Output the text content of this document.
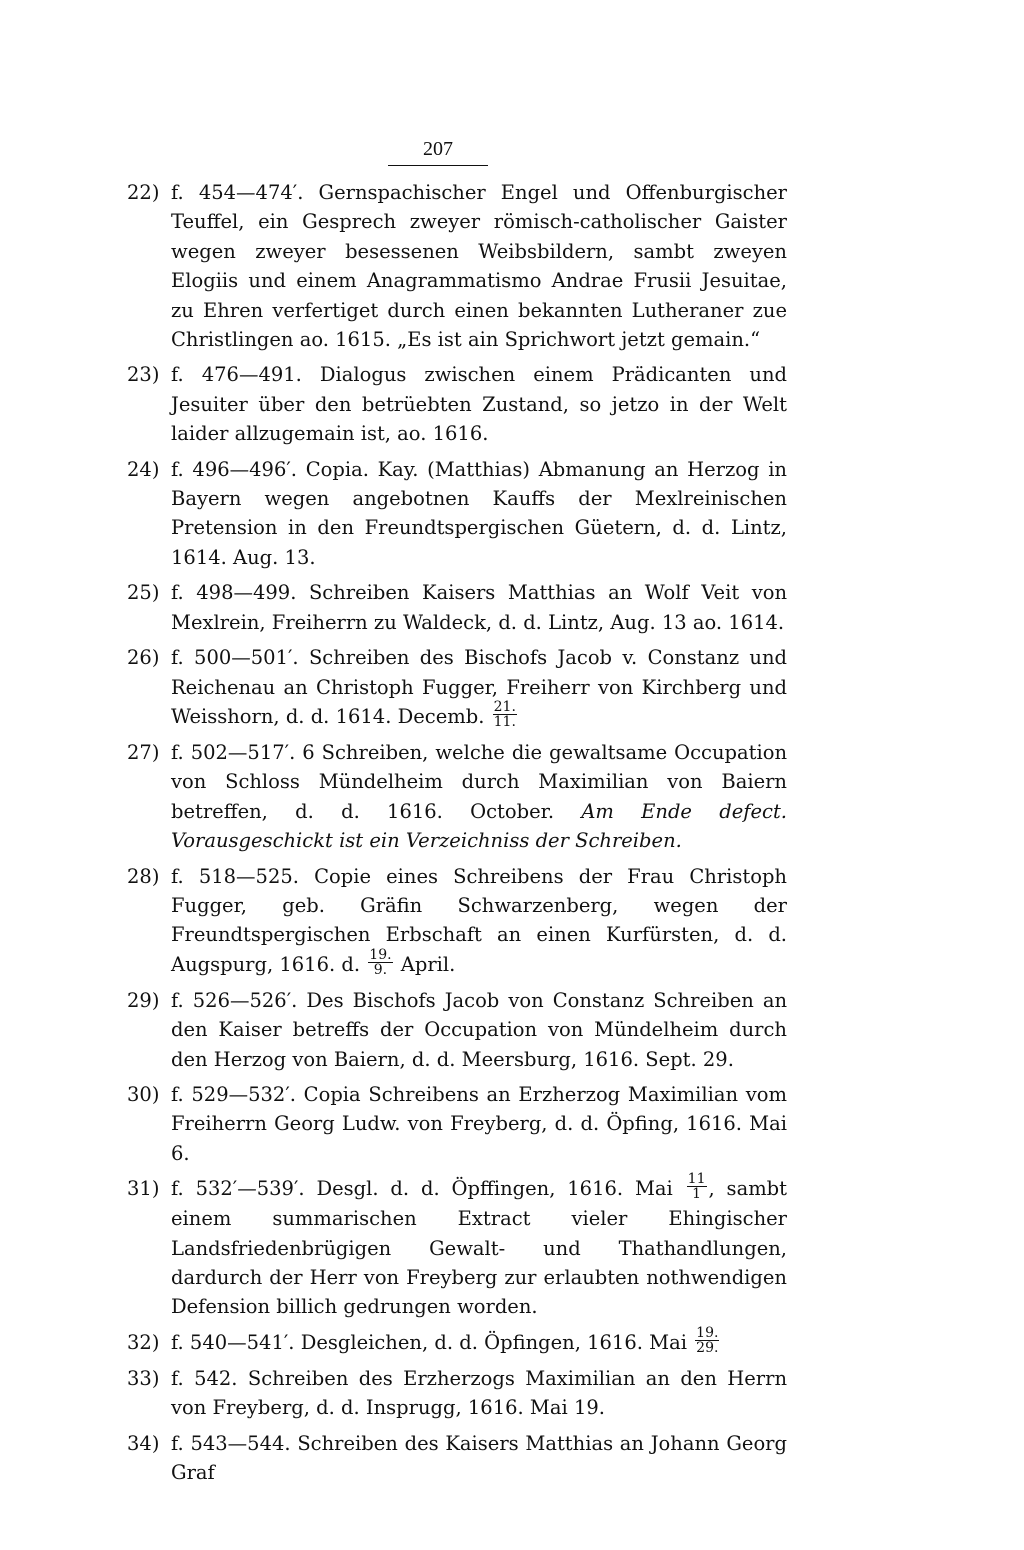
207
22) f. 454—474′. Gernspachischer Engel und Offenburgischer Teuffel, ein Gesprech zweyer römisch-catholischer Gaister wegen zweyer besessenen Weibsbildern, sambt zweyen Elogiis und einem Anagrammatismo Andrae Frusii Jesuitae, zu Ehren verfertiget durch einen bekannten Lutheraner zue Christlingen ao. 1615. „Es ist ain Sprichwort jetzt gemain.“
23) f. 476—491. Dialogus zwischen einem Prädicanten und Jesuiter über den betrüebten Zustand, so jetzo in der Welt laider allzugemain ist, ao. 1616.
24) f. 496—496′. Copia. Kay. (Matthias) Abmanung an Herzog in Bayern wegen angebotnen Kauffs der Mexlreinischen Pretension in den Freundtspergischen Güetern, d. d. Lintz, 1614. Aug. 13.
25) f. 498—499. Schreiben Kaisers Matthias an Wolf Veit von Mexlrein, Freiherrn zu Waldeck, d. d. Lintz, Aug. 13 ao. 1614.
26) f. 500—501′. Schreiben des Bischofs Jacob v. Constanz und Reichenau an Christoph Fugger, Freiherr von Kirchberg und Weisshorn, d. d. 1614. Decemb. $\frac{21.}{11.}$
27) f. 502—517′. 6 Schreiben, welche die gewaltsame Occupation von Schloss Mündelheim durch Maximilian von Baiern betreffen, d. d. 1616. October. Am Ende defect. Vorausgeschickt ist ein Verzeichniss der Schreiben.
28) f. 518—525. Copie eines Schreibens der Frau Christoph Fugger, geb. Gräfin Schwarzenberg, wegen der Freundtspergischen Erbschaft an einen Kurfürsten, d. d. Augspurg, 1616. d. $\frac{19.}{9.}$ April.
29) f. 526—526′. Des Bischofs Jacob von Constanz Schreiben an den Kaiser betreffs der Occupation von Mündelheim durch den Herzog von Baiern, d. d. Meersburg, 1616. Sept. 29.
30) f. 529—532′. Copia Schreibens an Erzherzog Maximilian vom Freiherrn Georg Ludw. von Freyberg, d. d. Öpfing, 1616. Mai 6.
31) f. 532′—539′. Desgl. d. d. Öpffingen, 1616. Mai $\frac{11}{1}$ , sambt einem summarischen Extract vieler Ehingischer Landsfriedenbrügigen Gewalt- und Thathandlungen, dardurch der Herr von Freyberg zur erlaubten nothwendigen Defension billich gedrungen worden.
32) f. 540—541′. Desgleichen, d. d. Öpfingen, 1616. Mai $\frac{19.}{29.}$
33) f. 542. Schreiben des Erzherzogs Maximilian an den Herrn von Freyberg, d. d. Insprugg, 1616. Mai 19.
34) f. 543—544. Schreiben des Kaisers Matthias an Johann Georg Graf
